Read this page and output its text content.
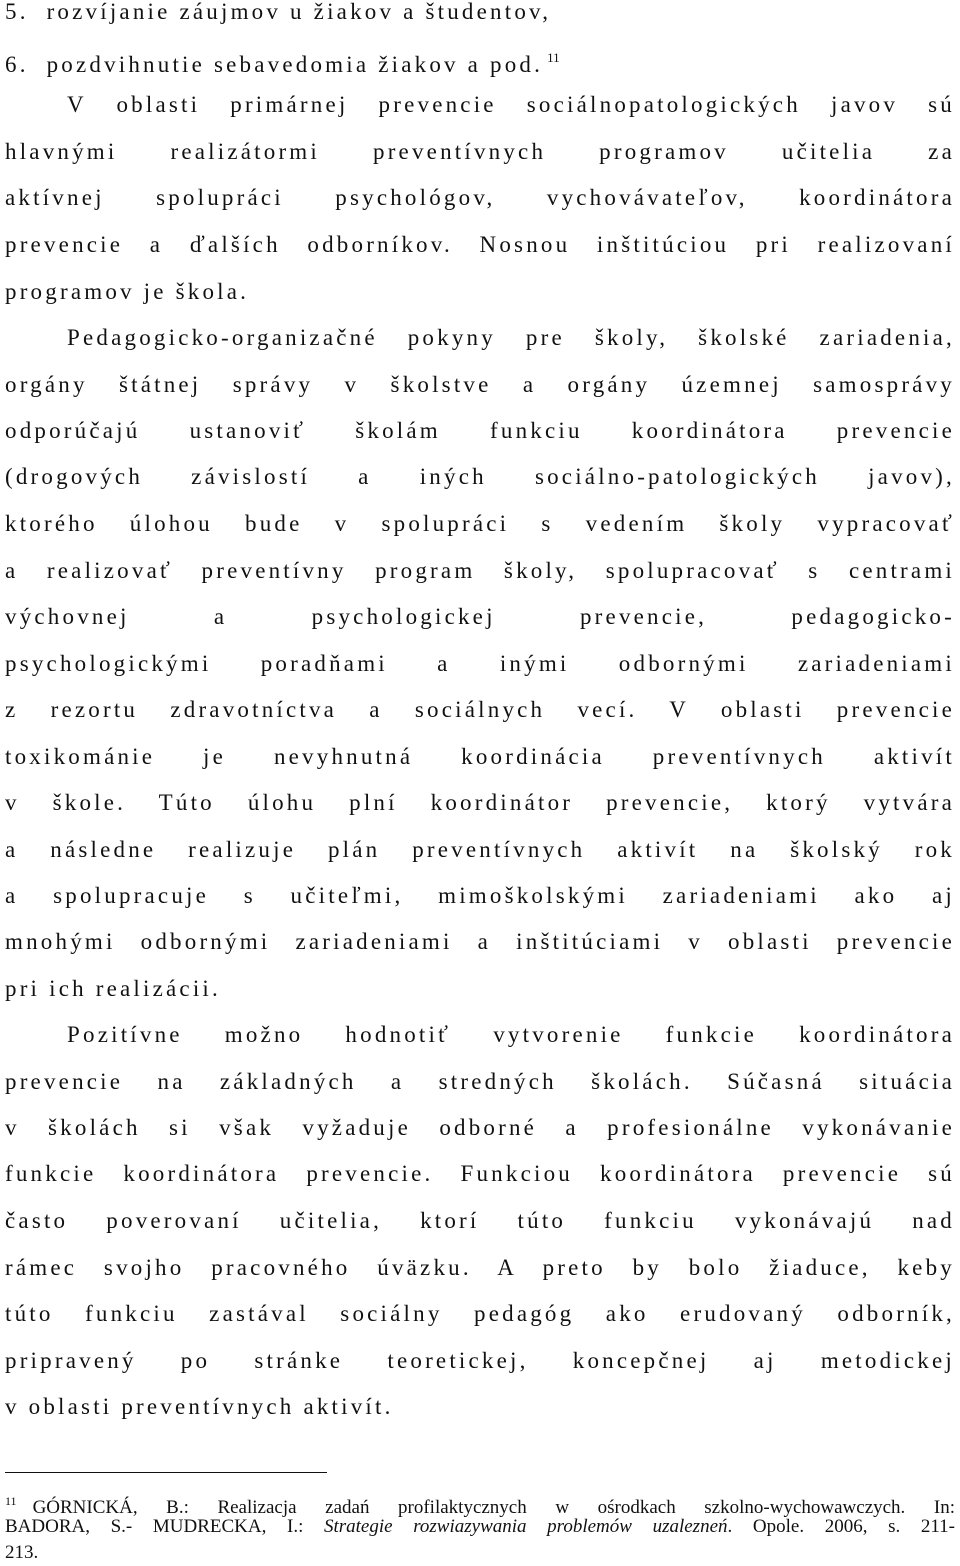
5. rozvíjanie záujmov u žiakov a študentov,
6. pozdvihnutie sebavedomia žiakov a pod. $^{11}$
V oblasti primárnej prevencie sociálnopatologických javov sú
hlavnými realizátormi preventívnych programov učitelia za
aktívnej spolupráci psychológov, vychovávateľov, koordinátora
prevencie a ďalších odborníkov. Nosnou inštitúciou pri realizovaní
programov je škola.
Pedagogicko-organizačné pokyny pre školy, školské zariadenia,
orgány štátnej správy v školstve a orgány územnej samosprávy
odporúčajú ustanoviť školám funkciu koordinátora prevencie
(drogových závislostí a iných sociálno-patologických javov),
ktorého úlohou bude v spolupráci s vedením školy vypracovať
a realizovať preventívny program školy, spolupracovať s centrami
výchovnej a psychologickej prevencie, pedagogicko-
psychologickými poradňami a inými odbornými zariadeniami
z rezortu zdravotníctva a sociálnych vecí. V oblasti prevencie
toxikománie je nevyhnutná koordinácia preventívnych aktivít
v škole. Túto úlohu plní koordinátor prevencie, ktorý vytvára
a následne realizuje plán preventívnych aktivít na školský rok
a spolupracuje s učiteľmi, mimoškolskými zariadeniami ako aj
mnohými odbornými zariadeniami a inštitúciami v oblasti prevencie
pri ich realizácii.
Pozitívne možno hodnotiť vytvorenie funkcie koordinátora
prevencie na základných a stredných školách. Súčasná situácia
v školách si však vyžaduje odborné a profesionálne vykonávanie
funkcie koordinátora prevencie. Funkciou koordinátora prevencie sú
často poverovaní učitelia, ktorí túto funkciu vykonávajú nad
rámec svojho pracovného úväzku. A preto by bolo žiaduce, keby
túto funkciu zastával sociálny pedagóg ako erudovaný odborník,
pripravený po stránke teoretickej, koncepčnej aj metodickej
v oblasti preventívnych aktivít.
$^{11}$ GÓRNICKÁ, B.: Realizacja zadań profilaktycznych w ośrodkach szkolno-wychowawczych. In:
BADORA, S.- MUDRECKA, I.: Strategie rozwiazywania problemów uzalezneń. Opole. 2006, s. 211-
213.
